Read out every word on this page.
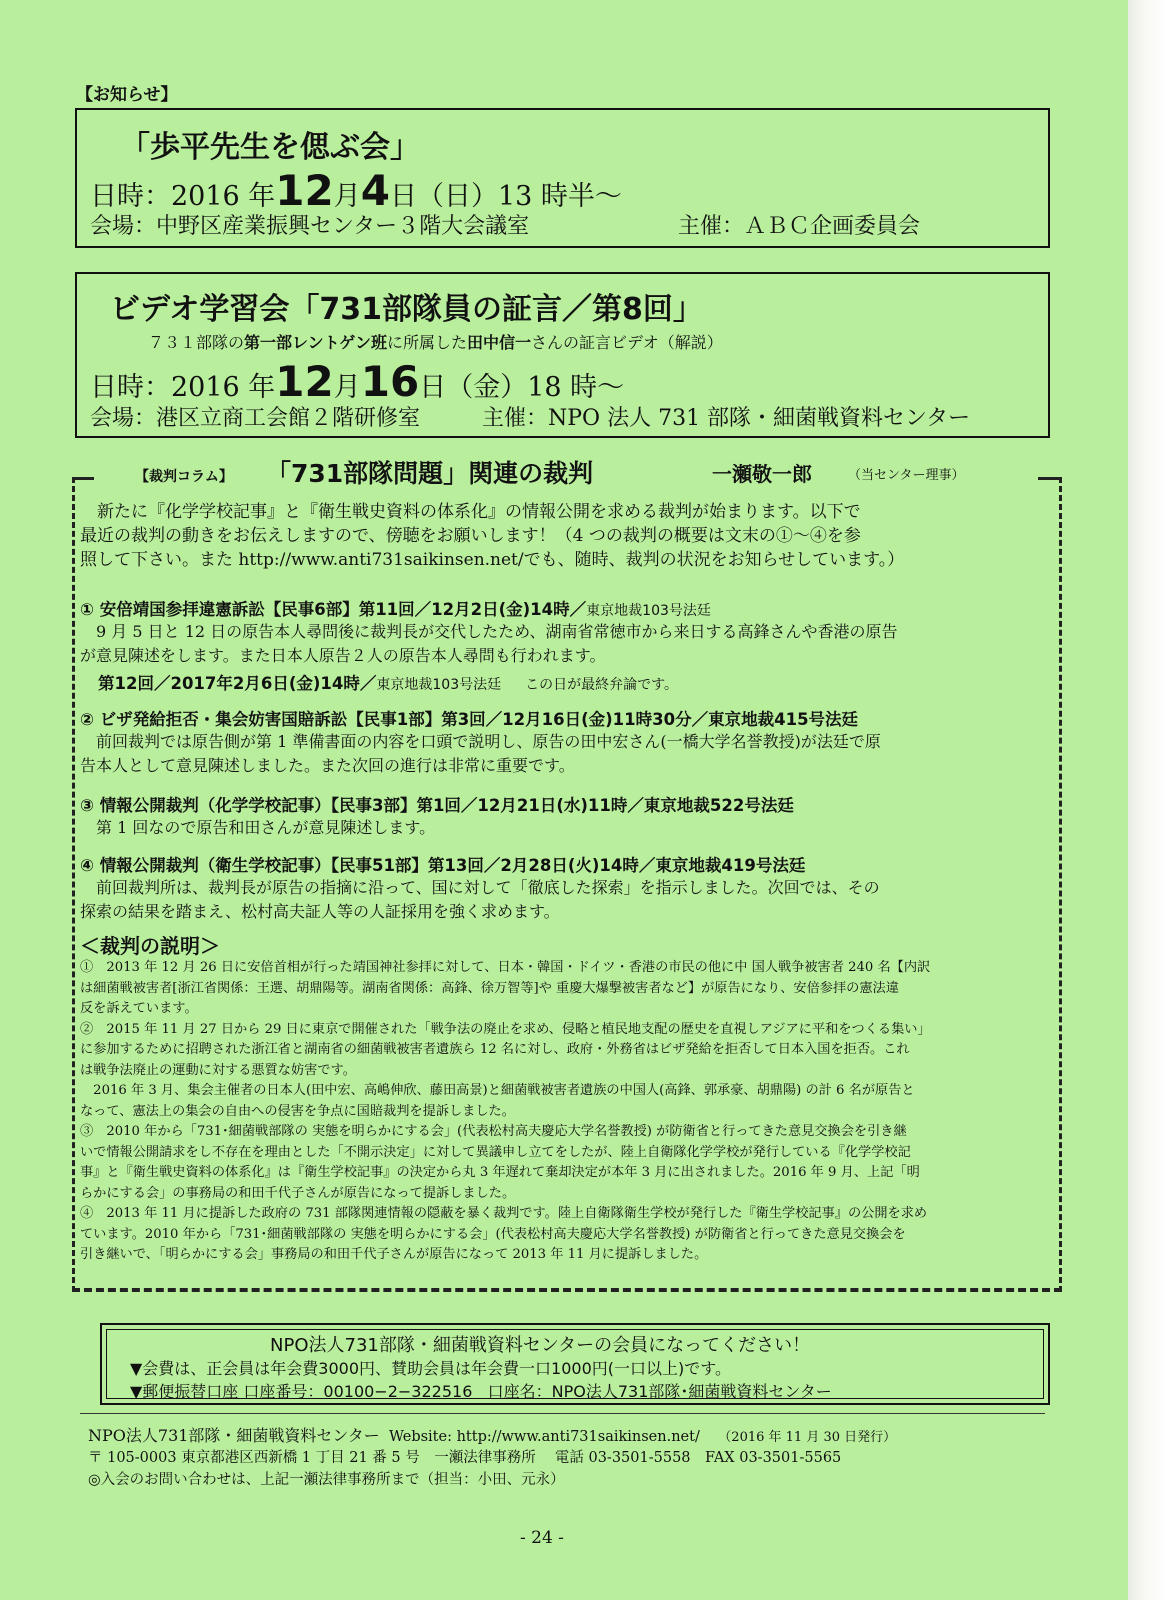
【お知らせ】
「歩平先生を偲ぶ会」
日時：2016 年12月4日（日）13 時半～
会場：中野区産業振興センター３階大会議室	主催：ＡＢＣ企画委員会
ビデオ学習会「731部隊員の証言／第8回」
７３１部隊の第一部レントゲン班に所属した田中信一さんの証言ビデオ（解説）
日時：2016 年12月16日（金）18 時～
会場：港区立商工会館２階研修室	主催：NPO 法人 731 部隊・細菌戦資料センター
【裁判コラム】 「731部隊問題」関連の裁判	一瀬敬一郎	（当センター理事）
　新たに『化学学校記事』と『衛生戦史資料の体系化』の情報公開を求める裁判が始まります。以下で
最近の裁判の動きをお伝えしますので、傍聴をお願いします！（4 つの裁判の概要は文末の①～④を参
照して下さい。また http://www.anti731saikinsen.net/でも、随時、裁判の状況をお知らせしています。）
① 安倍靖国参拝違憲訴訟【民事6部】第11回／12月2日(金)14時／東京地裁103号法廷
　9 月 5 日と 12 日の原告本人尋問後に裁判長が交代したため、湖南省常徳市から来日する高鋒さんや香港の原告
が意見陳述をします。また日本人原告２人の原告本人尋問も行われます。
第12回／2017年2月6日(金)14時／東京地裁103号法廷 この日が最終弁論です。
② ビザ発給拒否・集会妨害国賠訴訟【民事1部】第3回／12月16日(金)11時30分／東京地裁415号法廷
　前回裁判では原告側が第 1 準備書面の内容を口頭で説明し、原告の田中宏さん(一橋大学名誉教授)が法廷で原
告本人として意見陳述しました。また次回の進行は非常に重要です。
③ 情報公開裁判（化学学校記事）【民事3部】第1回／12月21日(水)11時／東京地裁522号法廷
　第 1 回なので原告和田さんが意見陳述します。
④ 情報公開裁判（衛生学校記事）【民事51部】第13回／2月28日(火)14時／東京地裁419号法廷
　前回裁判所は、裁判長が原告の指摘に沿って、国に対して「徹底した探索」を指示しました。次回では、その
探索の結果を踏まえ、松村高夫証人等の人証採用を強く求めます。
＜裁判の説明＞
①　2013 年 12 月 26 日に安倍首相が行った靖国神社参拝に対して、日本・韓国・ドイツ・香港の市民の他に中 国人戦争被害者 240 名【内訳
は細菌戦被害者[浙江省関係：王選、胡鼎陽等。湖南省関係：高鋒、徐万智等]や 重慶大爆撃被害者など】が原告になり、安倍参拝の憲法違
反を訴えています。
②　2015 年 11 月 27 日から 29 日に東京で開催された「戦争法の廃止を求め、侵略と植民地支配の歴史を直視しアジアに平和をつくる集い」
に参加するために招聘された浙江省と湖南省の細菌戦被害者遺族ら 12 名に対し、政府・外務省はビザ発給を拒否して日本入国を拒否。これ
は戦争法廃止の運動に対する悪質な妨害です。
　2016 年 3 月、集会主催者の日本人(田中宏、高嶋伸欣、藤田高景)と細菌戦被害者遺族の中国人(高鋒、郭承豪、胡鼎陽) の計 6 名が原告と
なって、憲法上の集会の自由への侵害を争点に国賠裁判を提訴しました。
③　2010 年から「731･細菌戦部隊の 実態を明らかにする会」(代表松村高夫慶応大学名誉教授) が防衛省と行ってきた意見交換会を引き継
いで情報公開請求をし不存在を理由とした「不開示決定」に対して異議申し立てをしたが、陸上自衛隊化学学校が発行している『化学学校記
事』と『衛生戦史資料の体系化』は『衛生学校記事』の決定から丸 3 年遅れて棄却決定が本年 3 月に出されました。2016 年 9 月、上記「明
らかにする会」の事務局の和田千代子さんが原告になって提訴しました。
④　2013 年 11 月に提訴した政府の 731 部隊関連情報の隠蔽を暴く裁判です。陸上自衛隊衛生学校が発行した『衛生学校記事』の公開を求め
ています。2010 年から「731･細菌戦部隊の 実態を明らかにする会」(代表松村高夫慶応大学名誉教授) が防衛省と行ってきた意見交換会を
引き継いで、「明らかにする会」事務局の和田千代子さんが原告になって 2013 年 11 月に提訴しました。
NPO法人731部隊・細菌戦資料センターの会員になってください！
▼会費は、正会員は年会費3000円、賛助会員は年会費一口1000円(一口以上)です。
▼郵便振替口座 口座番号：00100−2−322516 口座名：NPO法人731部隊･細菌戦資料センター
NPO法人731部隊・細菌戦資料センター Website: http://www.anti731saikinsen.net/ （2016 年 11 月 30 日発行）
〒 105-0003 東京都港区西新橋 1 丁目 21 番 5 号　一瀬法律事務所　 電話 03-3501-5558　FAX 03-3501-5565
◎入会のお問い合わせは、上記一瀬法律事務所まで（担当：小田、元永）
- 24 -
